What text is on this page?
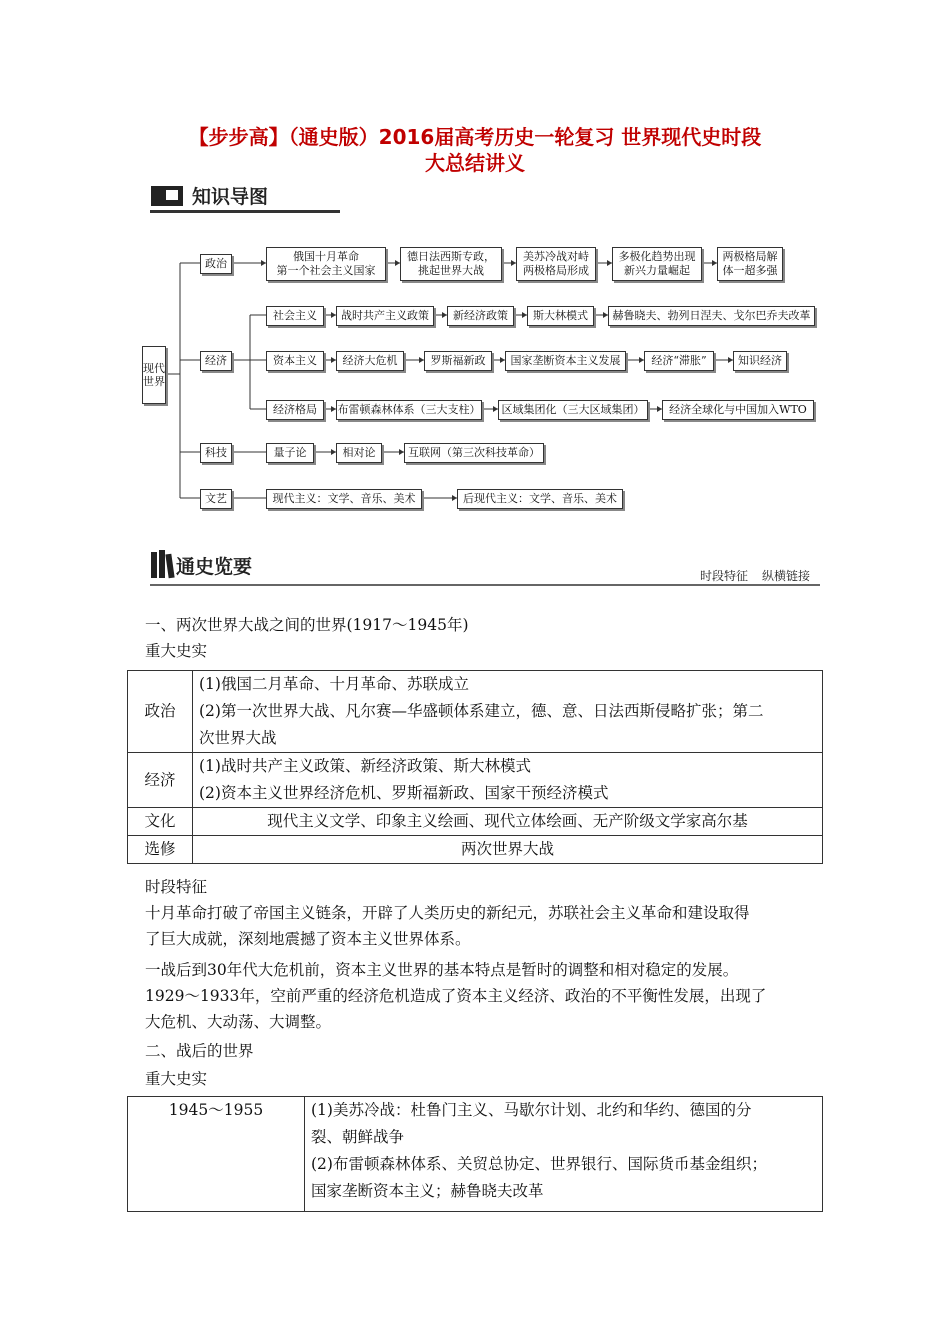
【步步高】（通史版）2016届高考历史一轮复习 世界现代史时段
大总结讲义
知识导图
现代世界
政治
经济
科技
文艺
俄国十月革命
第一个社会主义国家
德日法西斯专政，
挑起世界大战
美苏冷战对峙
两极格局形成
多极化趋势出现
新兴力量崛起
两极格局解
体一超多强
社会主义
资本主义
经济格局
战时共产主义政策	新经济政策	斯大林模式	赫鲁晓夫、勃列日涅夫、戈尔巴乔夫改革
经济大危机	罗斯福新政	国家垄断资本主义发展	经济“滞胀”	知识经济
布雷顿森林体系（三大支柱）	区域集团化（三大区域集团）	经济全球化与中国加入WTO
量子论	相对论	互联网（第三次科技革命）
现代主义：文学、音乐、美术	后现代主义：文学、音乐、美术
通史览要	时段特征 纵横链接
一、两次世界大战之间的世界(1917～1945年)
重大史实
政治	(1)俄国二月革命、十月革命、苏联成立
(2)第一次世界大战、凡尔赛—华盛顿体系建立，德、意、日法西斯侵略扩张；第二
次世界大战

经济	(1)战时共产主义政策、新经济政策、斯大林模式
(2)资本主义世界经济危机、罗斯福新政、国家干预经济模式

文化	现代主义文学、印象主义绘画、现代立体绘画、无产阶级文学家高尔基
选修	两次世界大战
时段特征
十月革命打破了帝国主义链条，开辟了人类历史的新纪元，苏联社会主义革命和建设取得
了巨大成就，深刻地震撼了资本主义世界体系。
一战后到30年代大危机前，资本主义世界的基本特点是暂时的调整和相对稳定的发展。
1929～1933年，空前严重的经济危机造成了资本主义经济、政治的不平衡性发展，出现了
大危机、大动荡、大调整。
二、战后的世界
重大史实
1945～1955	(1)美苏冷战：杜鲁门主义、马歇尔计划、北约和华约、德国的分
裂、朝鲜战争
(2)布雷顿森林体系、关贸总协定、世界银行、国际货币基金组织；
国家垄断资本主义；赫鲁晓夫改革
